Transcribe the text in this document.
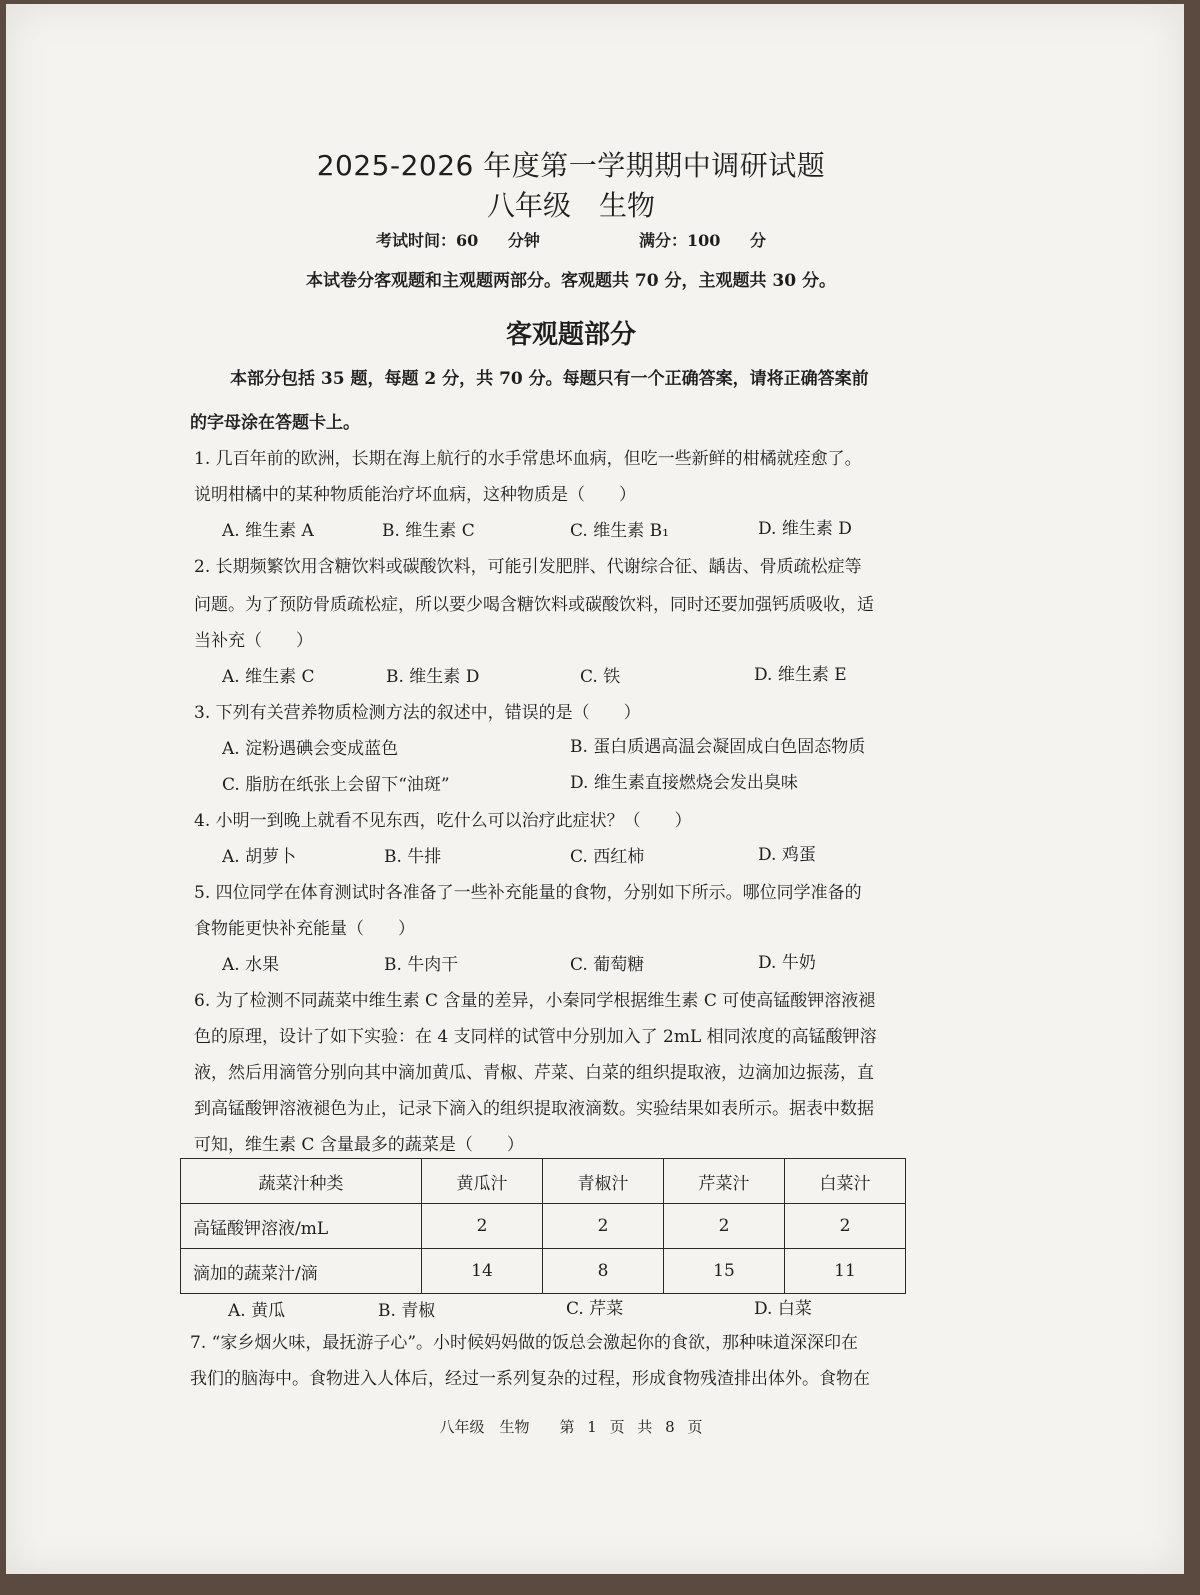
2025-2026 年度第一学期期中调研试题
八年级　生物
考试时间：60 分钟	满分：100 分
本试卷分客观题和主观题两部分。客观题共 70 分，主观题共 30 分。
客观题部分
本部分包括 35 题，每题 2 分，共 70 分。每题只有一个正确答案，请将正确答案前
的字母涂在答题卡上。
1. 几百年前的欧洲，长期在海上航行的水手常患坏血病，但吃一些新鲜的柑橘就痊愈了。
说明柑橘中的某种物质能治疗坏血病，这种物质是（　　）
A. 维生素 A	B. 维生素 C	C. 维生素 B₁	D. 维生素 D
2. 长期频繁饮用含糖饮料或碳酸饮料，可能引发肥胖、代谢综合征、龋齿、骨质疏松症等
问题。为了预防骨质疏松症，所以要少喝含糖饮料或碳酸饮料，同时还要加强钙质吸收，适
当补充（　　）
A. 维生素 C	B. 维生素 D	C. 铁	D. 维生素 E
3. 下列有关营养物质检测方法的叙述中，错误的是（　　）
A. 淀粉遇碘会变成蓝色	B. 蛋白质遇高温会凝固成白色固态物质
C. 脂肪在纸张上会留下“油斑”	D. 维生素直接燃烧会发出臭味
4. 小明一到晚上就看不见东西，吃什么可以治疗此症状？（　　）
A. 胡萝卜	B. 牛排	C. 西红柿	D. 鸡蛋
5. 四位同学在体育测试时各准备了一些补充能量的食物，分别如下所示。哪位同学准备的
食物能更快补充能量（　　）
A. 水果	B. 牛肉干	C. 葡萄糖	D. 牛奶
6. 为了检测不同蔬菜中维生素 C 含量的差异，小秦同学根据维生素 C 可使高锰酸钾溶液褪
色的原理，设计了如下实验：在 4 支同样的试管中分别加入了 2mL 相同浓度的高锰酸钾溶
液，然后用滴管分别向其中滴加黄瓜、青椒、芹菜、白菜的组织提取液，边滴加边振荡，直
到高锰酸钾溶液褪色为止，记录下滴入的组织提取液滴数。实验结果如表所示。据表中数据
可知，维生素 C 含量最多的蔬菜是（　　）
蔬菜汁种类	黄瓜汁	青椒汁	芹菜汁	白菜汁
高锰酸钾溶液/mL	2	2	2	2
滴加的蔬菜汁/滴	14	8	15	11
A. 黄瓜	B. 青椒	C. 芹菜	D. 白菜
7. “家乡烟火味，最抚游子心”。小时候妈妈做的饭总会激起你的食欲，那种味道深深印在
我们的脑海中。食物进入人体后，经过一系列复杂的过程，形成食物残渣排出体外。食物在
八年级　生物　　第 1 页 共 8 页
